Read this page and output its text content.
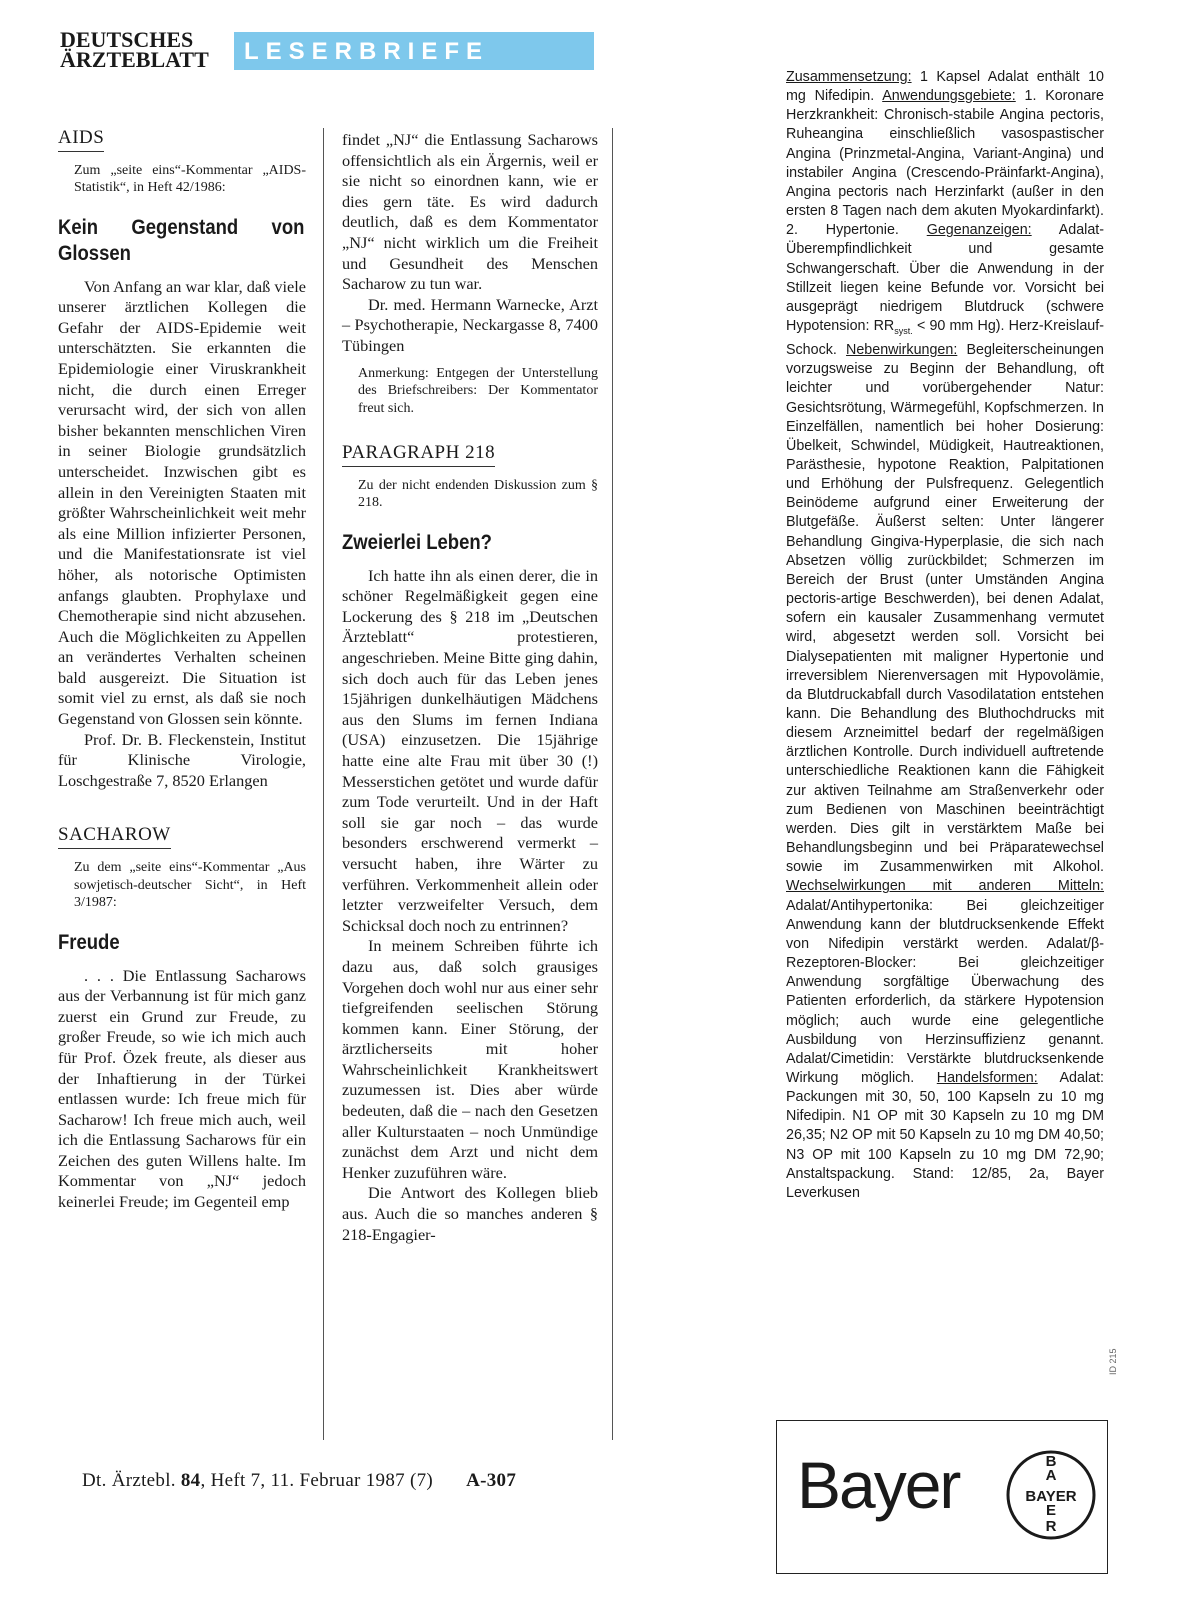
DEUTSCHES
ÄRZTEBLATT LESERBRIEFE
AIDS
Zum „seite eins“-Kommentar „AIDS-Statistik“, in Heft 42/1986:
Kein Gegenstand von Glossen

Von Anfang an war klar, daß viele unserer ärztlichen Kollegen die Gefahr der AIDS-Epidemie weit unterschätzten. Sie erkannten die Epidemiologie einer Viruskrankheit nicht, die durch einen Erreger verursacht wird, der sich von allen bisher bekannten menschlichen Viren in seiner Biologie grundsätzlich unterscheidet. Inzwischen gibt es allein in den Vereinigten Staaten mit größter Wahrscheinlichkeit weit mehr als eine Million infizierter Personen, und die Manifestationsrate ist viel höher, als notorische Optimisten anfangs glaubten. Prophylaxe und Chemotherapie sind nicht abzusehen. Auch die Möglichkeiten zu Appellen an verändertes Verhalten scheinen bald ausgereizt. Die Situation ist somit viel zu ernst, als daß sie noch Gegenstand von Glossen sein könnte.

Prof. Dr. B. Fleckenstein, Institut für Klinische Virologie, Loschgestraße 7, 8520 Erlangen

SACHAROW
Zu dem „seite eins“-Kommentar „Aus sowjetisch-deutscher Sicht“, in Heft 3/1987:
Freude

. . . Die Entlassung Sacharows aus der Verbannung ist für mich ganz zuerst ein Grund zur Freude, zu großer Freude, so wie ich mich auch für Prof. Özek freute, als dieser aus der Inhaftierung in der Türkei entlassen wurde: Ich freue mich für Sacharow! Ich freue mich auch, weil ich die Entlassung Sacharows für ein Zeichen des guten Willens halte. Im Kommentar von „NJ“ jedoch keinerlei Freude; im Gegenteil emp

findet „NJ“ die Entlassung Sacharows offensichtlich als ein Ärgernis, weil er sie nicht so einordnen kann, wie er dies gern täte. Es wird dadurch deutlich, daß es dem Kommentator „NJ“ nicht wirklich um die Freiheit und Gesundheit des Menschen Sacharow zu tun war.

Dr. med. Hermann Warnecke, Arzt – Psychotherapie, Neckargasse 8, 7400 Tübingen

Anmerkung: Entgegen der Unterstellung des Briefschreibers: Der Kommentator freut sich.
PARAGRAPH 218
Zu der nicht endenden Diskussion zum § 218.
Zweierlei Leben?

Ich hatte ihn als einen derer, die in schöner Regelmäßigkeit gegen eine Lockerung des § 218 im „Deutschen Ärzteblatt“ protestieren, angeschrieben. Meine Bitte ging dahin, sich doch auch für das Leben jenes 15jährigen dunkelhäutigen Mädchens aus den Slums im fernen Indiana (USA) einzusetzen. Die 15jährige hatte eine alte Frau mit über 30 (!) Messerstichen getötet und wurde dafür zum Tode verurteilt. Und in der Haft soll sie gar noch – das wurde besonders erschwerend vermerkt – versucht haben, ihre Wärter zu verführen. Verkommenheit allein oder letzter verzweifelter Versuch, dem Schicksal doch noch zu entrinnen?

In meinem Schreiben führte ich dazu aus, daß solch grausiges Vorgehen doch wohl nur aus einer sehr tiefgreifenden seelischen Störung kommen kann. Einer Störung, der ärztlicherseits mit hoher Wahrscheinlichkeit Krankheitswert zuzumessen ist. Dies aber würde bedeuten, daß die – nach den Gesetzen aller Kulturstaaten – noch Unmündige zunächst dem Arzt und nicht dem Henker zuzuführen wäre.

Die Antwort des Kollegen blieb aus. Auch die so manches anderen § 218-Engagier-

Zusammensetzung: 1 Kapsel Adalat enthält 10 mg Nifedipin. Anwendungsgebiete: 1. Koronare Herzkrankheit: Chronisch-stabile Angina pectoris, Ruheangina einschließlich vasospastischer Angina (Prinzmetal-Angina, Variant-Angina) und instabiler Angina (Crescendo-Präinfarkt-Angina), Angina pectoris nach Herzinfarkt (außer in den ersten 8 Tagen nach dem akuten Myokardinfarkt). 2. Hypertonie. Gegenanzeigen: Adalat-Überempfindlichkeit und gesamte Schwangerschaft. Über die Anwendung in der Stillzeit liegen keine Befunde vor. Vorsicht bei ausgeprägt niedrigem Blutdruck (schwere Hypotension: $RR_{syst.} < 90$ mm Hg). Herz-Kreislauf-Schock. Nebenwirkungen: Begleiterscheinungen vorzugsweise zu Beginn der Behandlung, oft leichter und vorübergehender Natur: Gesichtsrötung, Wärmegefühl, Kopfschmerzen. In Einzelfällen, namentlich bei hoher Dosierung: Übelkeit, Schwindel, Müdigkeit, Hautreaktionen, Parästhesie, hypotone Reaktion, Palpitationen und Erhöhung der Pulsfrequenz. Gelegentlich Beinödeme aufgrund einer Erweiterung der Blutgefäße. Äußerst selten: Unter längerer Behandlung Gingiva-Hyperplasie, die sich nach Absetzen völlig zurückbildet; Schmerzen im Bereich der Brust (unter Umständen Angina pectoris-artige Beschwerden), bei denen Adalat, sofern ein kausaler Zusammenhang vermutet wird, abgesetzt werden soll. Vorsicht bei Dialysepatienten mit maligner Hypertonie und irreversiblem Nierenversagen mit Hypovolämie, da Blutdruckabfall durch Vasodilatation entstehen kann. Die Behandlung des Bluthochdrucks mit diesem Arzneimittel bedarf der regelmäßigen ärztlichen Kontrolle. Durch individuell auftretende unterschiedliche Reaktionen kann die Fähigkeit zur aktiven Teilnahme am Straßenverkehr oder zum Bedienen von Maschinen beeinträchtigt werden. Dies gilt in verstärktem Maße bei Behandlungsbeginn und bei Präparatewechsel sowie im Zusammenwirken mit Alkohol. Wechselwirkungen mit anderen Mitteln: Adalat/Antihypertonika: Bei gleichzeitiger Anwendung kann der blutdrucksenkende Effekt von Nifedipin verstärkt werden. Adalat/β-Rezeptoren-Blocker: Bei gleichzeitiger Anwendung sorgfältige Überwachung des Patienten erforderlich, da stärkere Hypotension möglich; auch wurde eine gelegentliche Ausbildung von Herzinsuffizienz genannt. Adalat/Cimetidin: Verstärkte blutdrucksenkende Wirkung möglich. Handelsformen: Adalat: Packungen mit 30, 50, 100 Kapseln zu 10 mg Nifedipin. N1 OP mit 30 Kapseln zu 10 mg DM 26,35; N2 OP mit 50 Kapseln zu 10 mg DM 40,50; N3 OP mit 100 Kapseln zu 10 mg DM 72,90; Anstaltspackung. Stand: 12/85, 2a, Bayer Leverkusen

ID 215
Bayer	B
A
E
R
BAYER
Dt. Ärztebl. 84, Heft 7, 11. Februar 1987 (7) A-307
